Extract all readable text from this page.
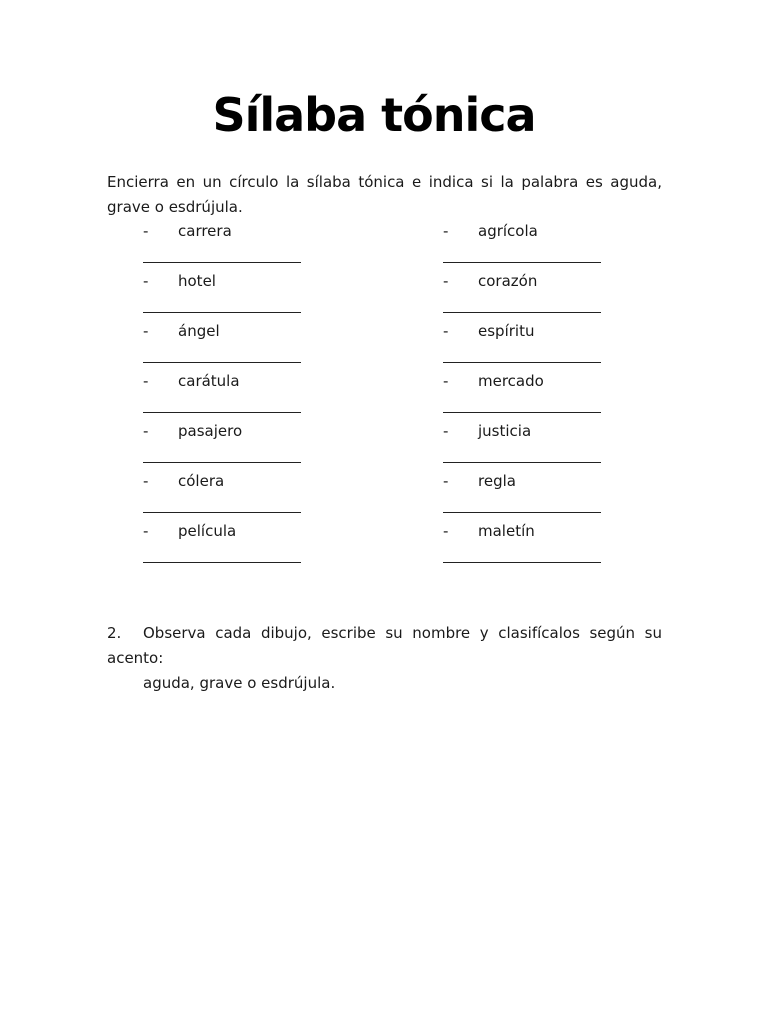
Sílaba tónica
Encierra en un círculo la sílaba tónica e indica si la palabra es aguda, grave o esdrújula.
- carrera
- hotel
- ángel
- carátula
- pasajero
- cólera
- película
- agrícola
- corazón
- espíritu
- mercado
- justicia
- regla
- maletín
2. Observa cada dibujo, escribe su nombre y clasifícalos según su
acento:
aguda, grave o esdrújula.
